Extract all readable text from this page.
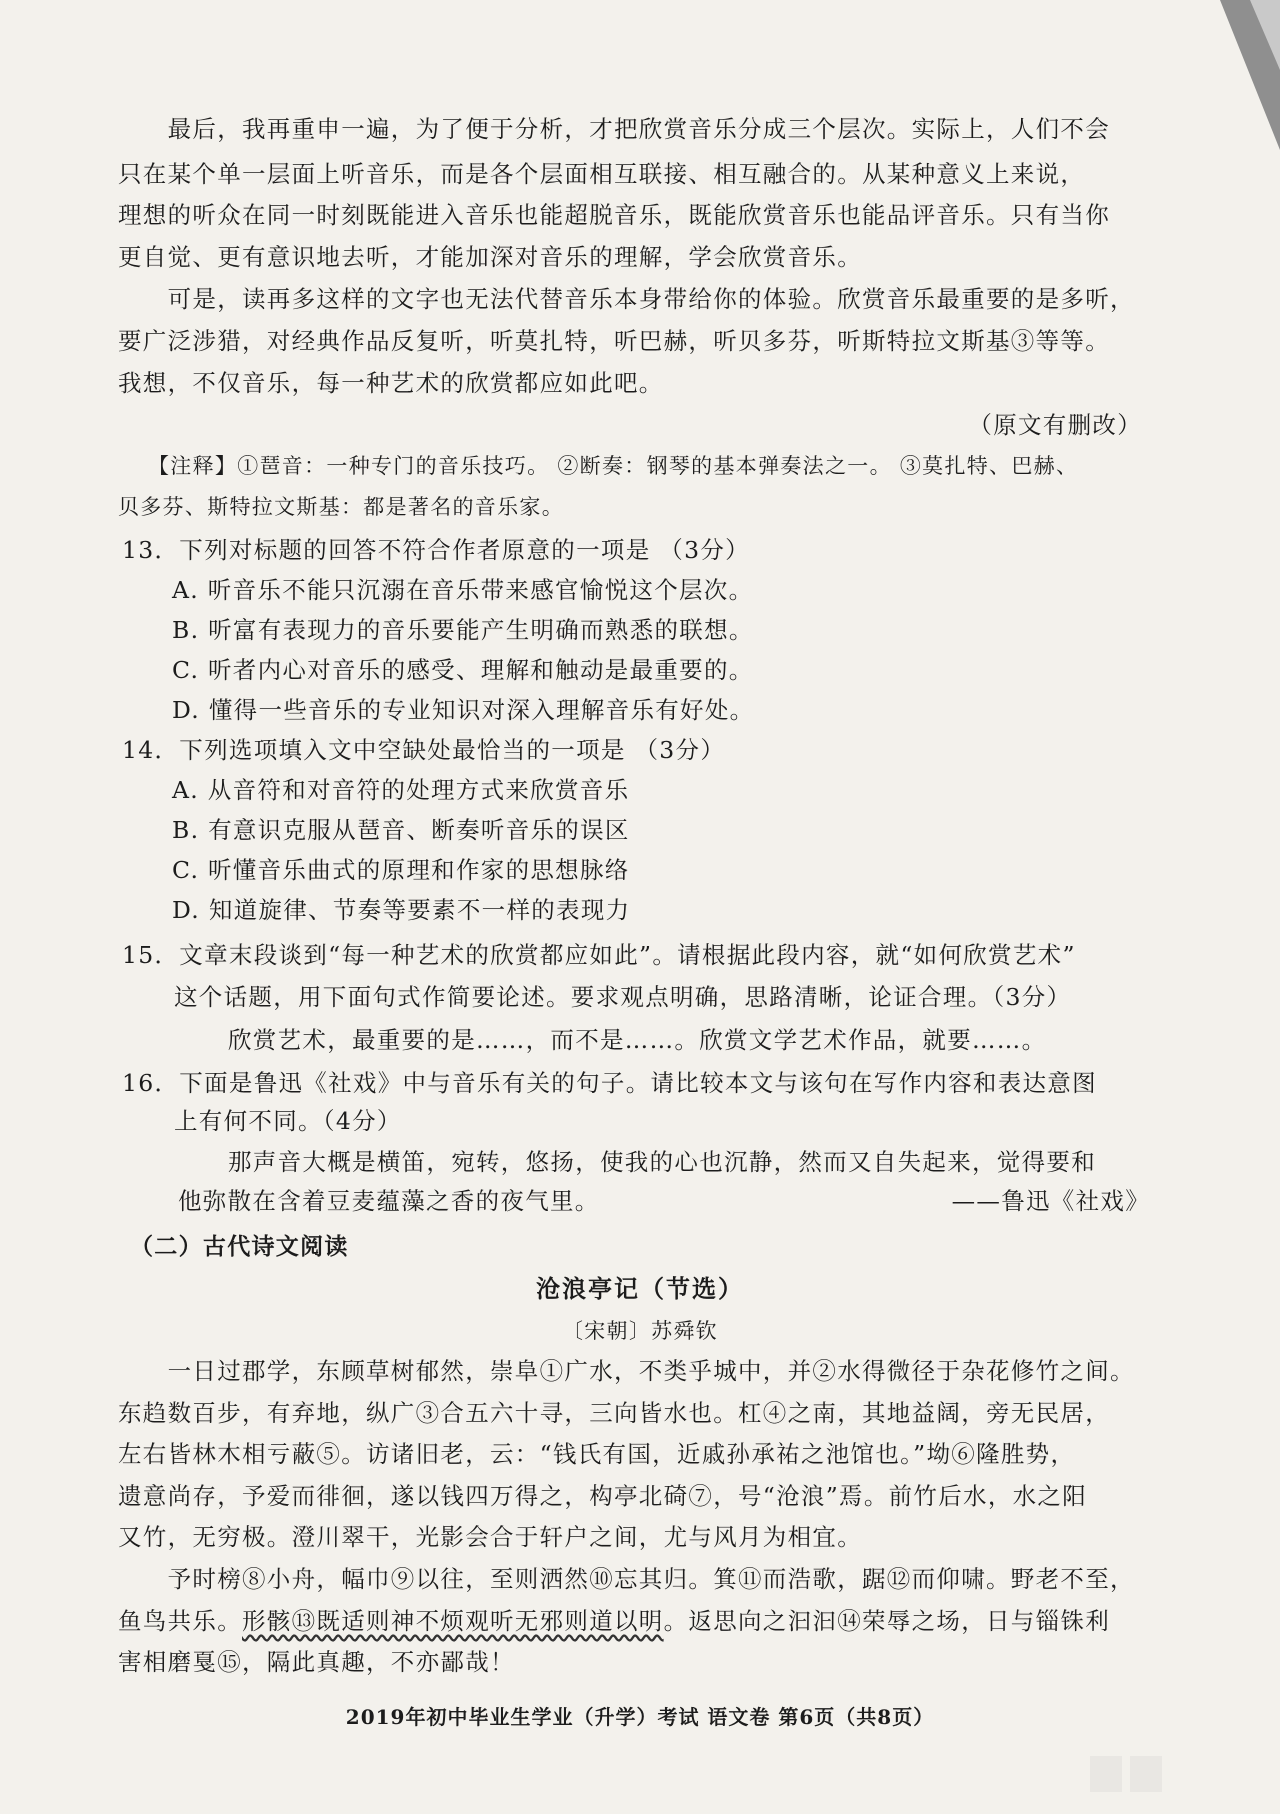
　　最后，我再重申一遍，为了便于分析，才把欣赏音乐分成三个层次。实际上，人们不会
只在某个单一层面上听音乐，而是各个层面相互联接、相互融合的。从某种意义上来说，
理想的听众在同一时刻既能进入音乐也能超脱音乐，既能欣赏音乐也能品评音乐。只有当你
更自觉、更有意识地去听，才能加深对音乐的理解，学会欣赏音乐。
　　可是，读再多这样的文字也无法代替音乐本身带给你的体验。欣赏音乐最重要的是多听，
要广泛涉猎，对经典作品反复听，听莫扎特，听巴赫，听贝多芬，听斯特拉文斯基③等等。
我想，不仅音乐，每一种艺术的欣赏都应如此吧。
（原文有删改）
【注释】①琶音：一种专门的音乐技巧。 ②断奏：钢琴的基本弹奏法之一。 ③莫扎特、巴赫、
贝多芬、斯特拉文斯基：都是著名的音乐家。
13．下列对标题的回答不符合作者原意的一项是 （3分）
A. 听音乐不能只沉溺在音乐带来感官愉悦这个层次。
B. 听富有表现力的音乐要能产生明确而熟悉的联想。
C. 听者内心对音乐的感受、理解和触动是最重要的。
D. 懂得一些音乐的专业知识对深入理解音乐有好处。
14．下列选项填入文中空缺处最恰当的一项是 （3分）
A. 从音符和对音符的处理方式来欣赏音乐
B. 有意识克服从琶音、断奏听音乐的误区
C. 听懂音乐曲式的原理和作家的思想脉络
D. 知道旋律、节奏等要素不一样的表现力
15．文章末段谈到“每一种艺术的欣赏都应如此”。请根据此段内容，就“如何欣赏艺术”
这个话题，用下面句式作简要论述。要求观点明确，思路清晰，论证合理。（3分）
欣赏艺术，最重要的是……，而不是……。欣赏文学艺术作品，就要……。
16．下面是鲁迅《社戏》中与音乐有关的句子。请比较本文与该句在写作内容和表达意图
上有何不同。（4分）
那声音大概是横笛，宛转，悠扬，使我的心也沉静，然而又自失起来，觉得要和
他弥散在含着豆麦蕴藻之香的夜气里。	——鲁迅《社戏》
（二）古代诗文阅读
沧浪亭记（节选）
〔宋朝〕苏舜钦
　　一日过郡学，东顾草树郁然，崇阜①广水，不类乎城中，并②水得微径于杂花修竹之间。
东趋数百步，有弃地，纵广③合五六十寻，三向皆水也。杠④之南，其地益阔，旁无民居，
左右皆林木相亏蔽⑤。访诸旧老，云：“钱氏有国，近戚孙承祐之池馆也。”坳⑥隆胜势，
遗意尚存，予爱而徘徊，遂以钱四万得之，构亭北碕⑦，号“沧浪”焉。前竹后水，水之阳
又竹，无穷极。澄川翠干，光影会合于轩户之间，尤与风月为相宜。
　　予时榜⑧小舟，幅巾⑨以往，至则洒然⑩忘其归。箕⑪而浩歌，踞⑫而仰啸。野老不至，
鱼鸟共乐。形骸⑬既适则神不烦观听无邪则道以明。返思向之汩汩⑭荣辱之场，日与锱铢利
害相磨戛⑮，隔此真趣，不亦鄙哉！
2019年初中毕业生学业（升学）考试 语文卷 第6页（共8页）
